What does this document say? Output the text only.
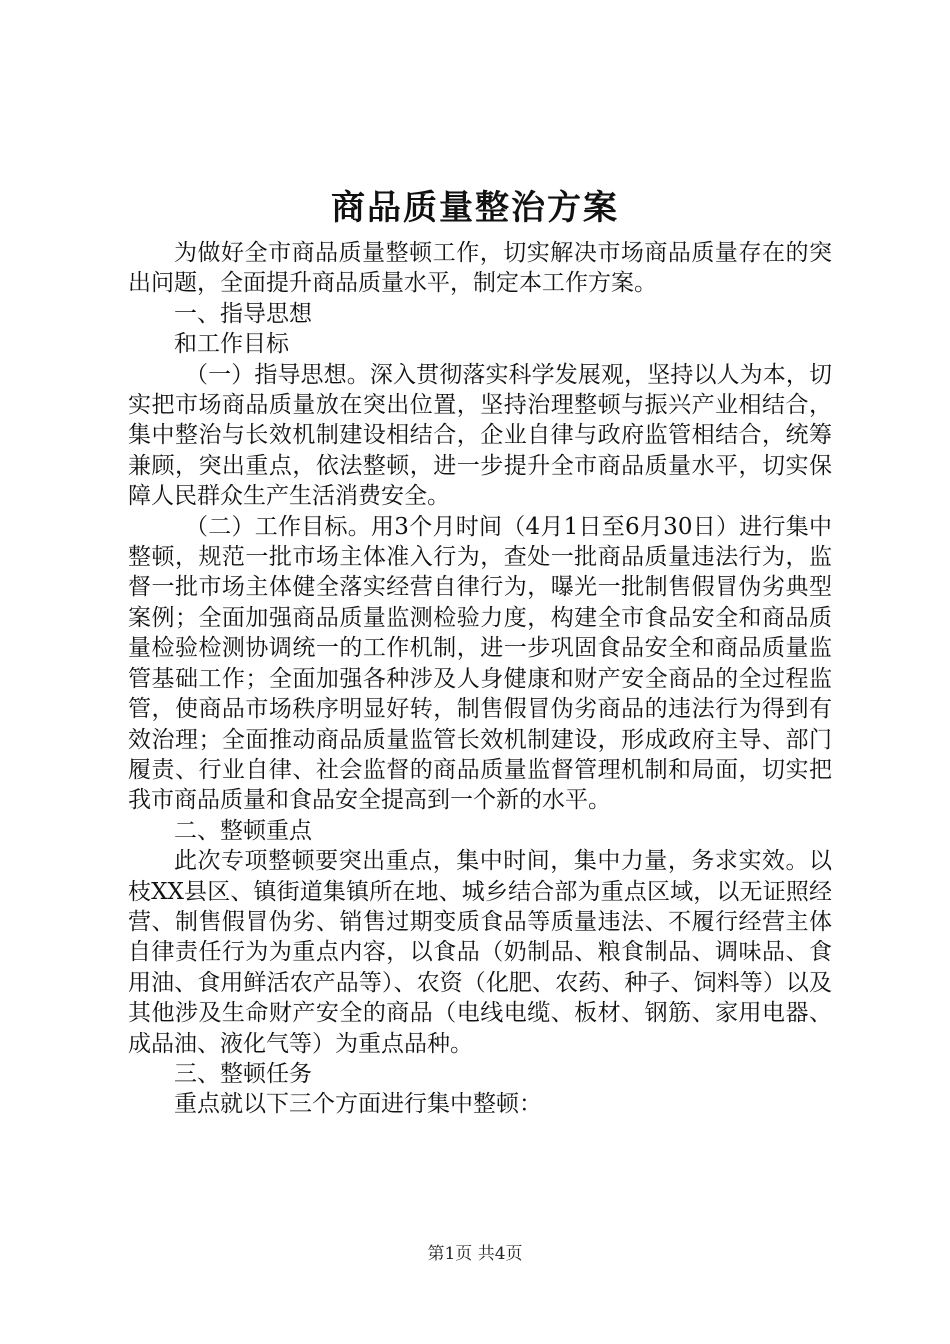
商品质量整治方案

为做好全市商品质量整顿工作，切实解决市场商品质量存在的突出问题，全面提升商品质量水平，制定本工作方案。

一、指导思想

和工作目标

（一）指导思想。深入贯彻落实科学发展观，坚持以人为本，切实把市场商品质量放在突出位置，坚持治理整顿与振兴产业相结合，集中整治与长效机制建设相结合，企业自律与政府监管相结合，统筹兼顾，突出重点，依法整顿，进一步提升全市商品质量水平，切实保障人民群众生产生活消费安全。

（二）工作目标。用3个月时间（4月1日至6月30日）进行集中整顿，规范一批市场主体准入行为，查处一批商品质量违法行为，监督一批市场主体健全落实经营自律行为，曝光一批制售假冒伪劣典型案例；全面加强商品质量监测检验力度，构建全市食品安全和商品质量检验检测协调统一的工作机制，进一步巩固食品安全和商品质量监管基础工作；全面加强各种涉及人身健康和财产安全商品的全过程监管，使商品市场秩序明显好转，制售假冒伪劣商品的违法行为得到有效治理；全面推动商品质量监管长效机制建设，形成政府主导、部门履责、行业自律、社会监督的商品质量监督管理机制和局面，切实把我市商品质量和食品安全提高到一个新的水平。

二、整顿重点

此次专项整顿要突出重点，集中时间，集中力量，务求实效。以枝XX县区、镇街道集镇所在地、城乡结合部为重点区域，以无证照经营、制售假冒伪劣、销售过期变质食品等质量违法、不履行经营主体自律责任行为为重点内容，以食品（奶制品、粮食制品、调味品、食用油、食用鲜活农产品等）、农资（化肥、农药、种子、饲料等）以及其他涉及生命财产安全的商品（电线电缆、板材、钢筋、家用电器、成品油、液化气等）为重点品种。

三、整顿任务

重点就以下三个方面进行集中整顿：

第1页 共4页
